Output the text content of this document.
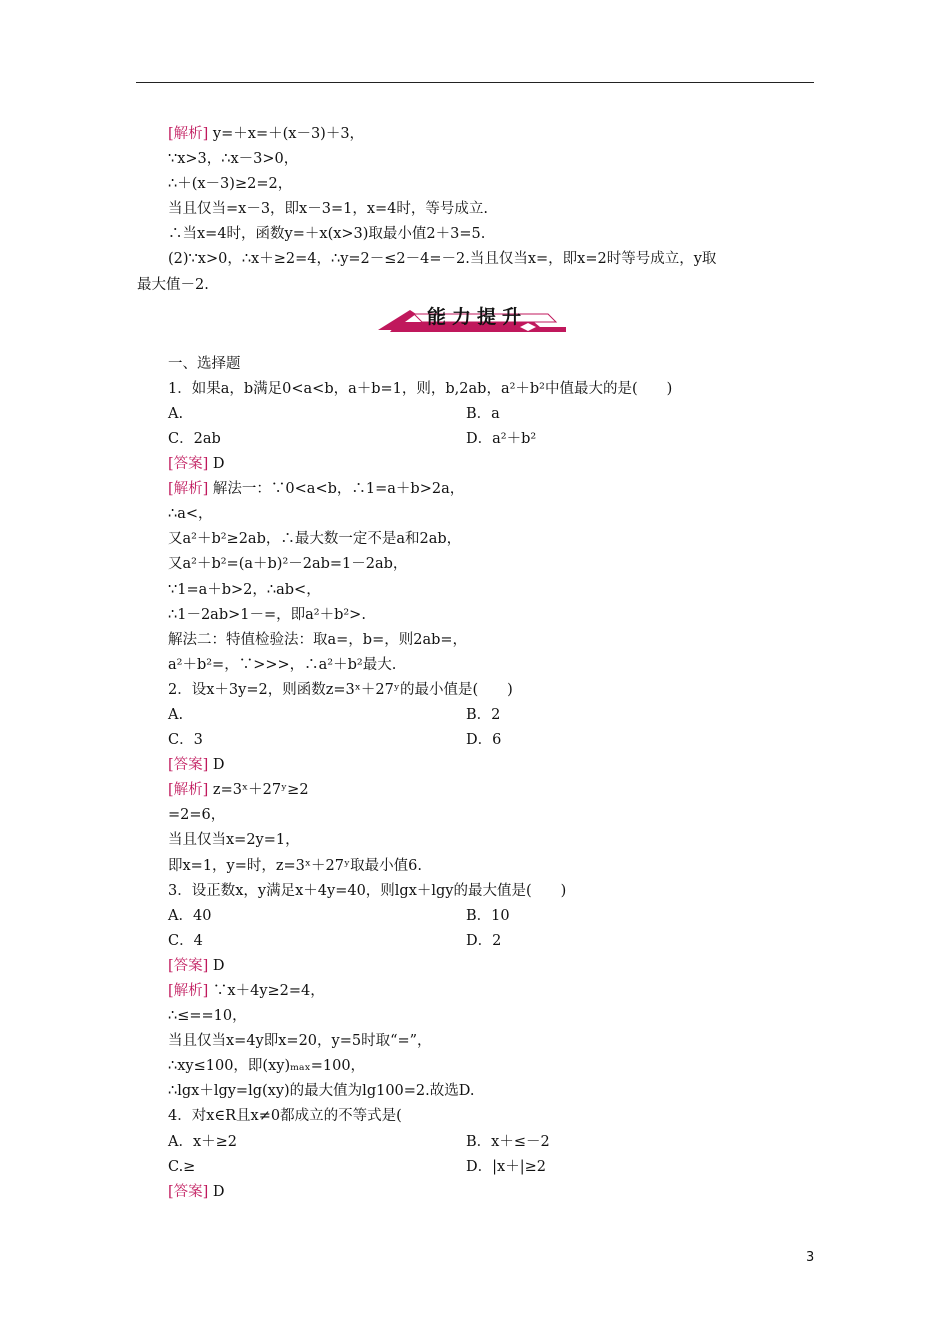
[解析] y=＋x=＋(x－3)＋3，
∵x>3，∴x－3>0，
∴＋(x－3)≥2=2，
当且仅当=x－3，即x－3=1，x=4时，等号成立.
∴当x=4时，函数y=＋x(x>3)取最小值2＋3=5.
(2)∵x>0，∴x＋≥2=4，∴y=2－≤2－4=－2.当且仅当x=，即x=2时等号成立，y取
最大值－2.
能力提升
一、选择题
1．如果a，b满足0<a<b，a＋b=1，则，b,2ab，a²＋b²中值最大的是(　　)
A.	B．a
C．2ab	D．a²＋b²
[答案] D
[解析] 解法一：∵0<a<b，∴1=a＋b>2a，
∴a<，
又a²＋b²≥2ab，∴最大数一定不是a和2ab，
又a²＋b²=(a＋b)²－2ab=1－2ab，
∵1=a＋b>2，∴ab<，
∴1－2ab>1－=，即a²＋b²>.
解法二：特值检验法：取a=，b=，则2ab=，
a²＋b²=，∵>>>，∴a²＋b²最大.
2．设x＋3y=2，则函数z=3ˣ＋27ʸ的最小值是(　　)
A.	B．2
C．3	D．6
[答案] D
[解析] z=3ˣ＋27ʸ≥2
=2=6，
当且仅当x=2y=1，
即x=1，y=时，z=3ˣ＋27ʸ取最小值6.
3．设正数x，y满足x＋4y=40，则lgx＋lgy的最大值是(　　)
A．40	B．10
C．4	D．2
[答案] D
[解析] ∵x＋4y≥2=4，
∴≤==10，
当且仅当x=4y即x=20，y=5时取“=”，
∴xy≤100，即(xy)ₘₐₓ=100，
∴lgx＋lgy=lg(xy)的最大值为lg100=2.故选D.
4．对x∈R且x≠0都成立的不等式是(
A．x＋≥2	B．x＋≤－2
C.≥	D．|x＋|≥2
[答案] D
3
